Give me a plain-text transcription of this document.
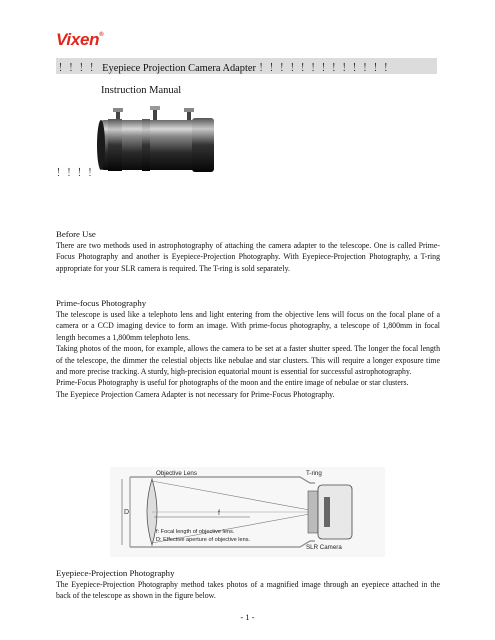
Vixen®
！！！！ Eyepiece Projection Camera Adapter ！！！！！！！！！！！！！
Instruction Manual
！！！！
Before Use

There are two methods used in astrophotography of attaching the camera adapter to the telescope. One is called Prime-Focus Photography and another is Eyepiece-Projection Photography. With Eyepiece-Projection Photography, a T-ring appropriate for your SLR camera is required. The T-ring is sold separately.

Prime-focus Photography

The telescope is used like a telephoto lens and light entering from the objective lens will focus on the focal plane of a camera or a CCD imaging device to form an image. With prime-focus photography, a telescope of 1,800mm in focal length becomes a 1,800mm telephoto lens.

Taking photos of the moon, for example, allows the camera to be set at a faster shutter speed. The longer the focal length of the telescope, the dimmer the celestial objects like nebulae and star clusters. This will require a longer exposure time and more precise tracking. A sturdy, high-precision equatorial mount is essential for successful astrophotography.

Prime-Focus Photography is useful for photographs of the moon and the entire image of nebulae or star clusters.

The Eyepiece Projection Camera Adapter is not necessary for Prime-Focus Photography.

D	f
Objective Lens	T-ring
f: Focal length of objective lens.
D: Effective aperture of objective lens.
SLR Camera
Eyepiece-Projection Photography

The Eyepiece-Projection Photography method takes photos of a magnified image through an eyepiece attached in the back of the telescope as shown in the figure below.

- 1 -
